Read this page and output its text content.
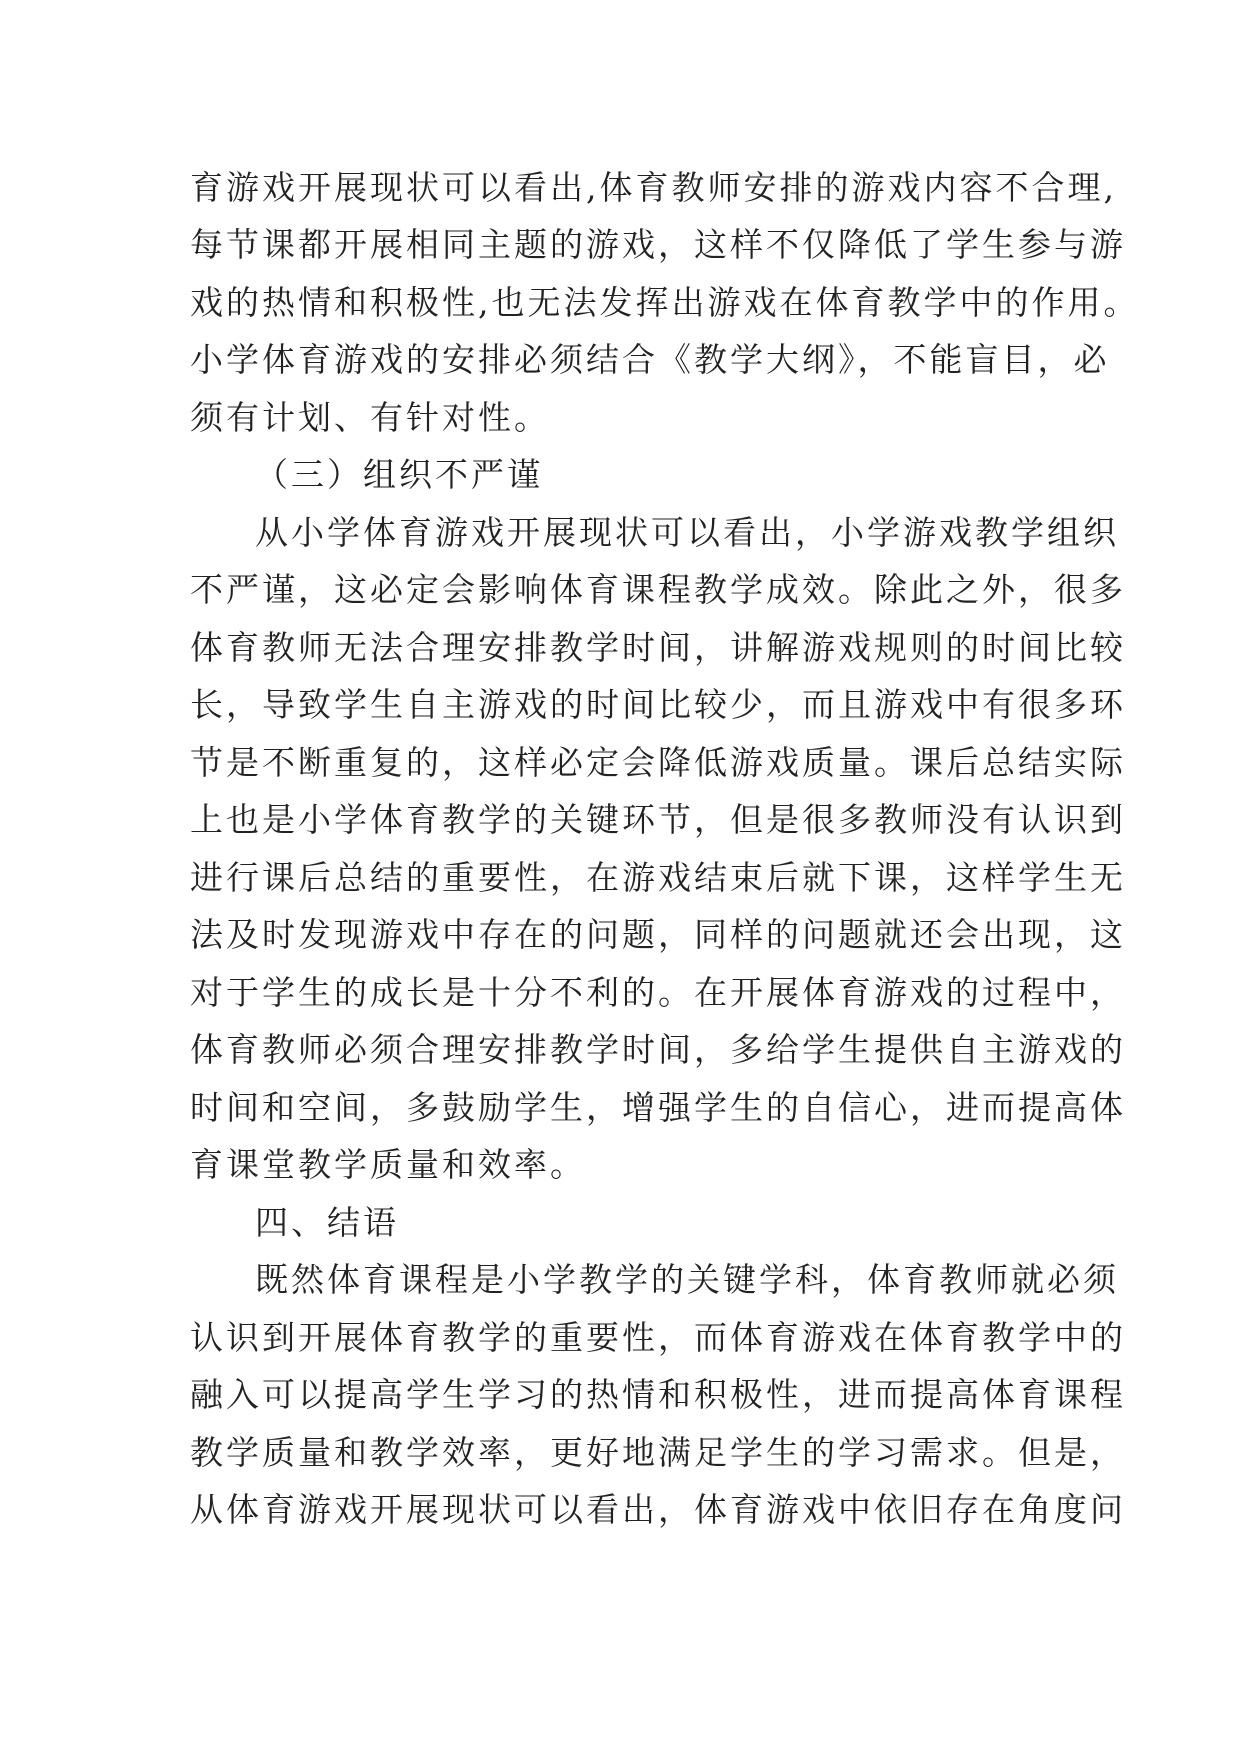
育游戏开展现状可以看出,体育教师安排的游戏内容不合理,
每节课都开展相同主题的游戏，这样不仅降低了学生参与游
戏的热情和积极性,也无法发挥出游戏在体育教学中的作用。
小学体育游戏的安排必须结合《教学大纲》，不能盲目，必
须有计划、有针对性。
（三）组织不严谨
从小学体育游戏开展现状可以看出，小学游戏教学组织
不严谨，这必定会影响体育课程教学成效。除此之外，很多
体育教师无法合理安排教学时间，讲解游戏规则的时间比较
长，导致学生自主游戏的时间比较少，而且游戏中有很多环
节是不断重复的，这样必定会降低游戏质量。课后总结实际
上也是小学体育教学的关键环节，但是很多教师没有认识到
进行课后总结的重要性，在游戏结束后就下课，这样学生无
法及时发现游戏中存在的问题，同样的问题就还会出现，这
对于学生的成长是十分不利的。在开展体育游戏的过程中，
体育教师必须合理安排教学时间，多给学生提供自主游戏的
时间和空间，多鼓励学生，增强学生的自信心，进而提高体
育课堂教学质量和效率。
四、结语
既然体育课程是小学教学的关键学科，体育教师就必须
认识到开展体育教学的重要性，而体育游戏在体育教学中的
融入可以提高学生学习的热情和积极性，进而提高体育课程
教学质量和教学效率，更好地满足学生的学习需求。但是，
从体育游戏开展现状可以看出，体育游戏中依旧存在角度问
